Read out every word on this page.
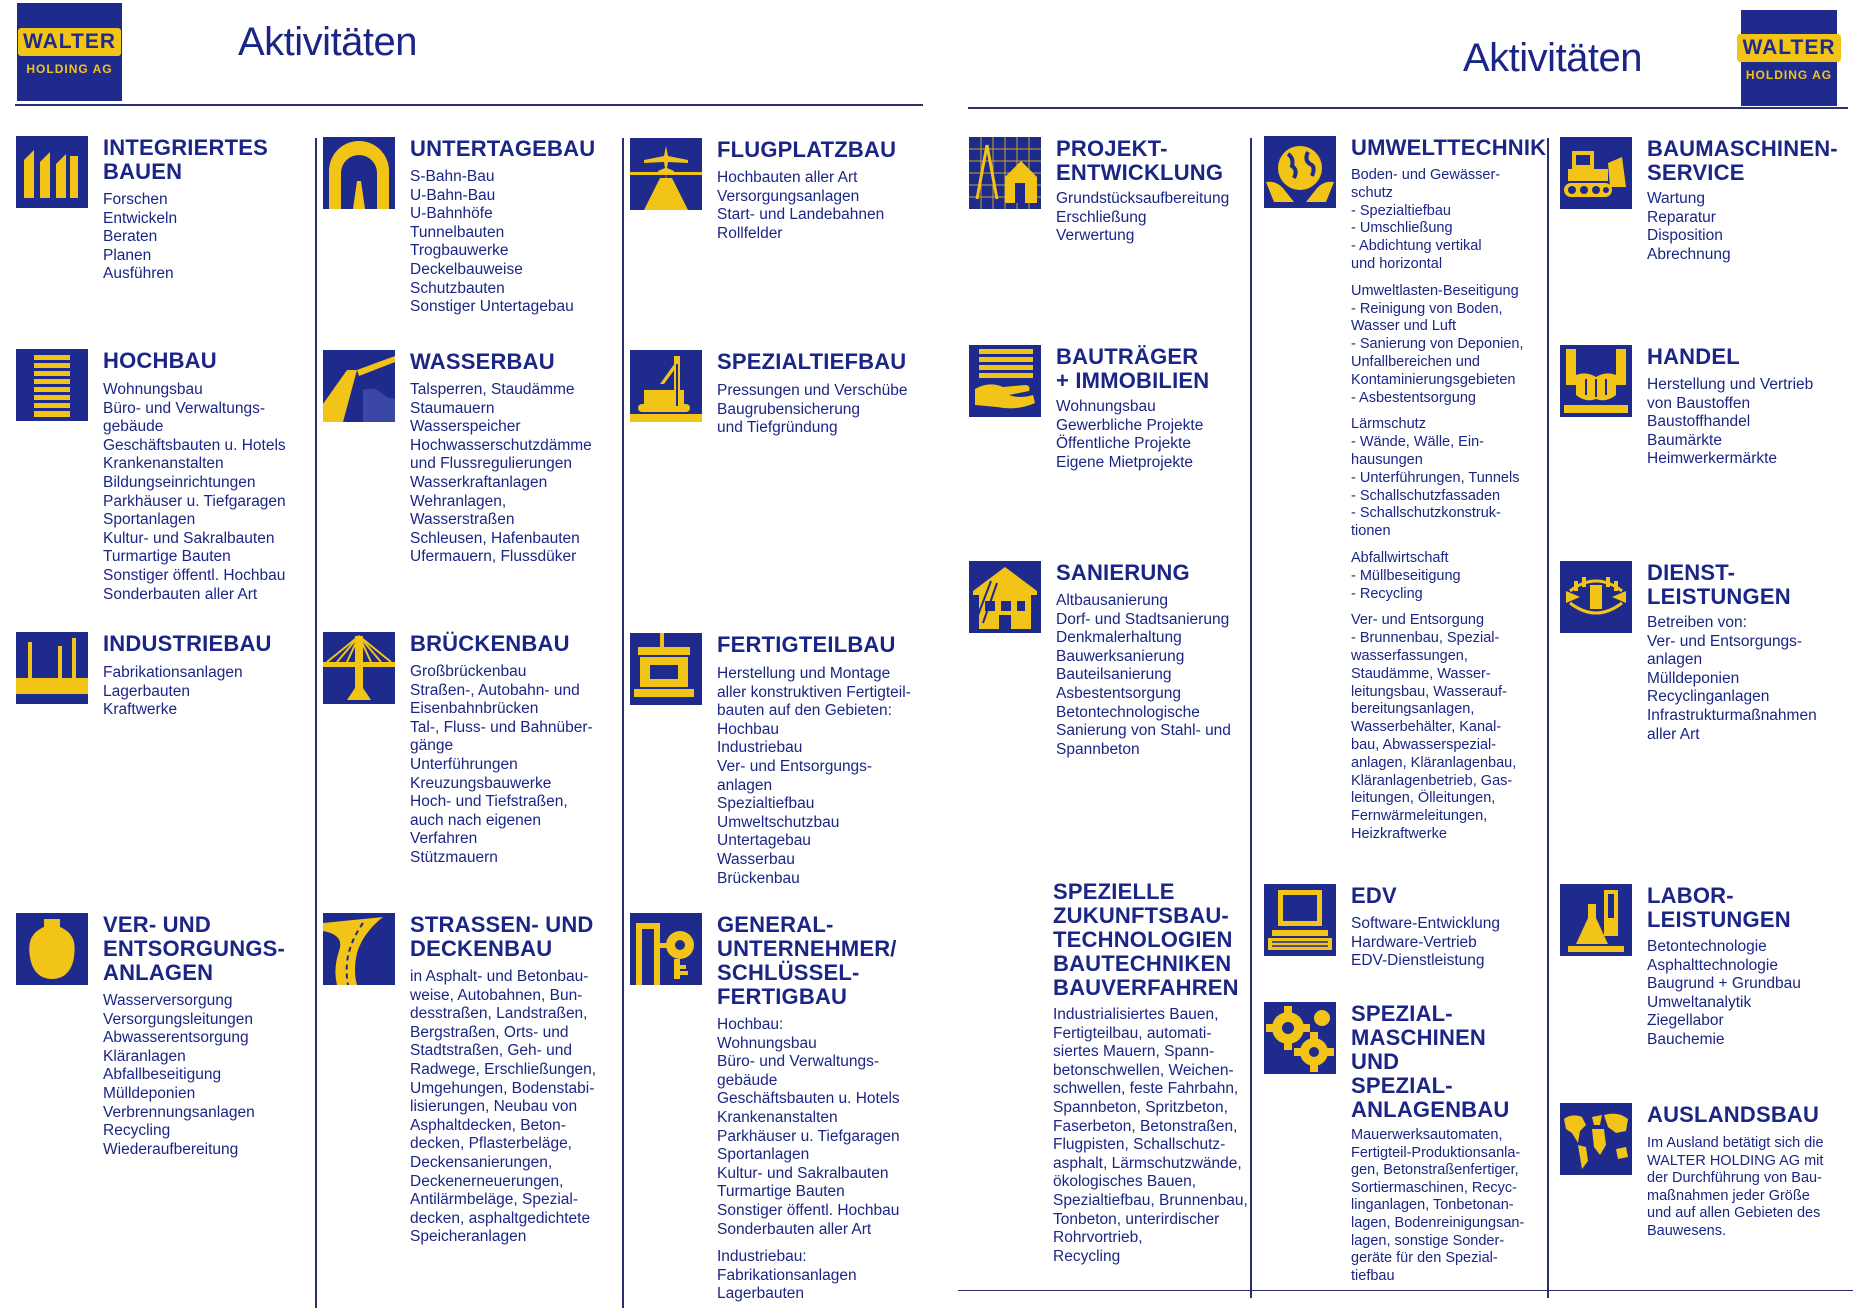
WALTER
HOLDING AG
Aktivitäten	Aktivitäten	WALTER
HOLDING AG
INTEGRIERTES
BAUEN
Forschen
Entwickeln
Beraten
Planen
Ausführen
HOCHBAU
Wohnungsbau
Büro- und Verwaltungs-
gebäude
Geschäftsbauten u. Hotels
Krankenanstalten
Bildungseinrichtungen
Parkhäuser u. Tiefgaragen
Sportanlagen
Kultur- und Sakralbauten
Turmartige Bauten
Sonstiger öffentl. Hochbau
Sonderbauten aller Art
INDUSTRIEBAU
Fabrikationsanlagen
Lagerbauten
Kraftwerke
VER- UND
ENTSORGUNGS-
ANLAGEN
Wasserversorgung
Versorgungsleitungen
Abwasserentsorgung
Kläranlagen
Abfallbeseitigung
Mülldeponien
Verbrennungsanlagen
Recycling
Wiederaufbereitung
UNTERTAGEBAU
S-Bahn-Bau
U-Bahn-Bau
U-Bahnhöfe
Tunnelbauten
Trogbauwerke
Deckelbauweise
Schutzbauten
Sonstiger Untertagebau
WASSERBAU
Talsperren, Staudämme
Staumauern
Wasserspeicher
Hochwasserschutzdämme
und Flussregulierungen
Wasserkraftanlagen
Wehranlagen,
Wasserstraßen
Schleusen, Hafenbauten
Ufermauern, Flussdüker
BRÜCKENBAU
Großbrückenbau
Straßen-, Autobahn- und
Eisenbahnbrücken
Tal-, Fluss- und Bahnüber-
gänge
Unterführungen
Kreuzungsbauwerke
Hoch- und Tiefstraßen,
auch nach eigenen
Verfahren
Stützmauern
STRASSEN- UND
DECKENBAU
in Asphalt- und Betonbau-
weise, Autobahnen, Bun-
desstraßen, Landstraßen,
Bergstraßen, Orts- und
Stadtstraßen, Geh- und
Radwege, Erschließungen,
Umgehungen, Bodenstabi-
lisierungen, Neubau von
Asphaltdecken, Beton-
decken, Pflasterbeläge,
Deckensanierungen,
Deckenerneuerungen,
Antilärmbeläge, Spezial-
decken, asphaltgedichtete
Speicheranlagen
FLUGPLATZBAU
Hochbauten aller Art
Versorgungsanlagen
Start- und Landebahnen
Rollfelder
SPEZIALTIEFBAU
Pressungen und Verschübe
Baugrubensicherung
und Tiefgründung
FERTIGTEILBAU
Herstellung und Montage
aller konstruktiven Fertigteil-
bauten auf den Gebieten:
Hochbau
Industriebau
Ver- und Entsorgungs-
anlagen
Spezialtiefbau
Umweltschutzbau
Untertagebau
Wasserbau
Brückenbau
GENERAL-
UNTERNEHMER/
SCHLÜSSEL-
FERTIGBAU
Hochbau:
Wohnungsbau
Büro- und Verwaltungs-
gebäude
Geschäftsbauten u. Hotels
Krankenanstalten
Parkhäuser u. Tiefgaragen
Sportanlagen
Kultur- und Sakralbauten
Turmartige Bauten
Sonstiger öffentl. Hochbau
Sonderbauten aller Art
Industriebau:
Fabrikationsanlagen
Lagerbauten
PROJEKT-
ENTWICKLUNG
Grundstücksaufbereitung
Erschließung
Verwertung
BAUTRÄGER
+ IMMOBILIEN
Wohnungsbau
Gewerbliche Projekte
Öffentliche Projekte
Eigene Mietprojekte
SANIERUNG
Altbausanierung
Dorf- und Stadtsanierung
Denkmalerhaltung
Bauwerksanierung
Bauteilsanierung
Asbestentsorgung
Betontechnologische
Sanierung von Stahl- und
Spannbeton
SPEZIELLE
ZUKUNFTSBAU-
TECHNOLOGIEN
BAUTECHNIKEN
BAUVERFAHREN
Industrialisiertes Bauen,
Fertigteilbau, automati-
siertes Mauern, Spann-
betonschwellen, Weichen-
schwellen, feste Fahrbahn,
Spannbeton, Spritzbeton,
Faserbeton, Betonstraßen,
Flugpisten, Schallschutz-
asphalt, Lärmschutzwände,
ökologisches Bauen,
Spezialtiefbau, Brunnenbau,
Tonbeton, unterirdischer
Rohrvortrieb,
Recycling
UMWELTTECHNIK
Boden- und Gewässer-
schutz
- Spezialtiefbau
- Umschließung
- Abdichtung vertikal
und horizontal
Umweltlasten-Beseitigung
- Reinigung von Boden,
Wasser und Luft
- Sanierung von Deponien,
Unfallbereichen und
Kontaminierungsgebieten
- Asbestentsorgung
Lärmschutz
- Wände, Wälle, Ein-
hausungen
- Unterführungen, Tunnels
- Schallschutzfassaden
- Schallschutzkonstruk-
tionen
Abfallwirtschaft
- Müllbeseitigung
- Recycling
Ver- und Entsorgung
- Brunnenbau, Spezial-
wasserfassungen,
Staudämme, Wasser-
leitungsbau, Wasserauf-
bereitungsanlagen,
Wasserbehälter, Kanal-
bau, Abwasserspezial-
anlagen, Kläranlagenbau,
Kläranlagenbetrieb, Gas-
leitungen, Ölleitungen,
Fernwärmeleitungen,
Heizkraftwerke
EDV
Software-Entwicklung
Hardware-Vertrieb
EDV-Dienstleistung
SPEZIAL-
MASCHINEN
UND
SPEZIAL-
ANLAGENBAU
Mauerwerksautomaten,
Fertigteil-Produktionsanla-
gen, Betonstraßenfertiger,
Sortiermaschinen, Recyc-
linganlagen, Tonbetonan-
lagen, Bodenreinigungsan-
lagen, sonstige Sonder-
geräte für den Spezial-
tiefbau
BAUMASCHINEN-
SERVICE
Wartung
Reparatur
Disposition
Abrechnung
HANDEL
Herstellung und Vertrieb
von Baustoffen
Baustoffhandel
Baumärkte
Heimwerkermärkte
DIENST-
LEISTUNGEN
Betreiben von:
Ver- und Entsorgungs-
anlagen
Mülldeponien
Recyclinganlagen
Infrastrukturmaßnahmen
aller Art
LABOR-
LEISTUNGEN
Betontechnologie
Asphalttechnologie
Baugrund + Grundbau
Umweltanalytik
Ziegellabor
Bauchemie
AUSLANDSBAU
Im Ausland betätigt sich die
WALTER HOLDING AG mit
der Durchführung von Bau-
maßnahmen jeder Größe
und auf allen Gebieten des
Bauwesens.
